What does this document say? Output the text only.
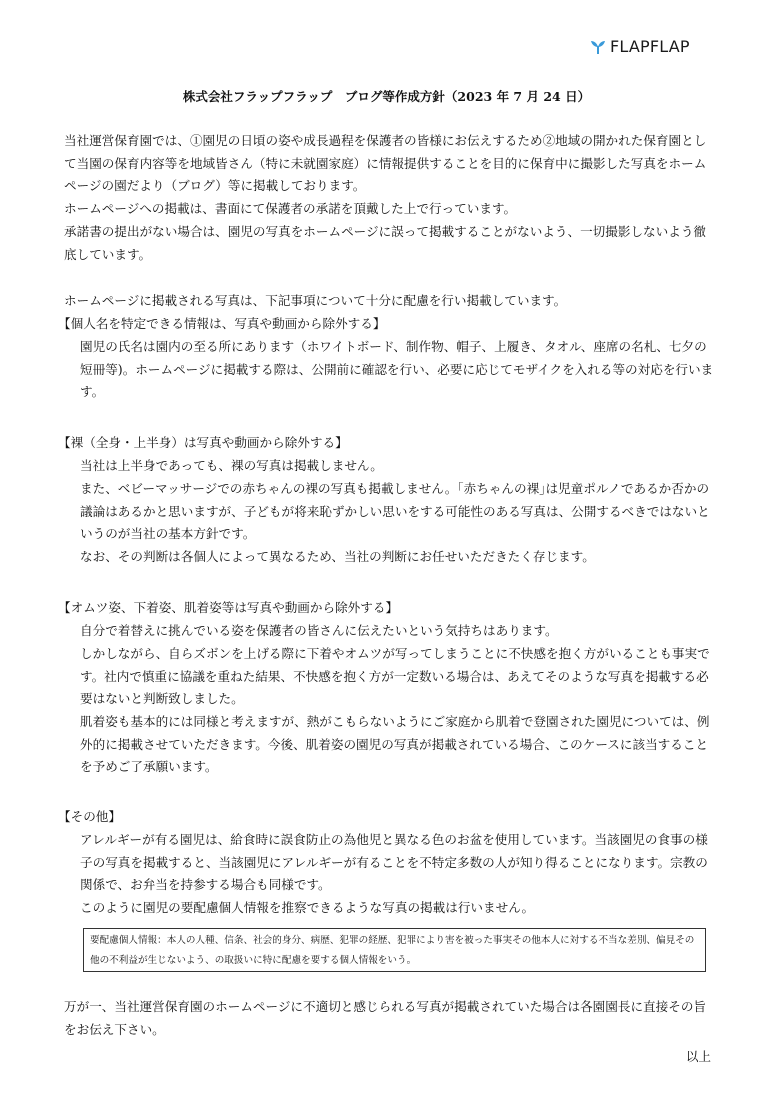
FLAPFLAP
株式会社フラップフラップ　ブログ等作成方針（2023 年 7 月 24 日）

当社運営保育園では、①園児の日頃の姿や成長過程を保護者の皆様にお伝えするため②地域の開かれた保育園として当園の保育内容等を地域皆さん（特に未就園家庭）に情報提供することを目的に保育中に撮影した写真をホームページの園だより（ブログ）等に掲載しております。

ホームページへの掲載は、書面にて保護者の承諾を頂戴した上で行っています。

承諾書の提出がない場合は、園児の写真をホームページに誤って掲載することがないよう、一切撮影しないよう徹底しています。

ホームページに掲載される写真は、下記事項について十分に配慮を行い掲載しています。

【個人名を特定できる情報は、写真や動画から除外する】

園児の氏名は園内の至る所にあります（ホワイトボード、制作物、帽子、上履き、タオル、座席の名札、七夕の短冊等)。ホームページに掲載する際は、公開前に確認を行い、必要に応じてモザイクを入れる等の対応を行います。

【裸（全身・上半身）は写真や動画から除外する】

当社は上半身であっても、裸の写真は掲載しません。

また、ベビーマッサージでの赤ちゃんの裸の写真も掲載しません。｢赤ちゃんの裸｣は児童ポルノであるか否かの議論はあるかと思いますが、子どもが将来恥ずかしい思いをする可能性のある写真は、公開するべきではないというのが当社の基本方針です。

なお、その判断は各個人によって異なるため、当社の判断にお任せいただきたく存じます。

【オムツ姿、下着姿、肌着姿等は写真や動画から除外する】

自分で着替えに挑んでいる姿を保護者の皆さんに伝えたいという気持ちはあります。

しかしながら、自らズボンを上げる際に下着やオムツが写ってしまうことに不快感を抱く方がいることも事実です。社内で慎重に協議を重ねた結果、不快感を抱く方が一定数いる場合は、あえてそのような写真を掲載する必要はないと判断致しました。

肌着姿も基本的には同様と考えますが、熱がこもらないようにご家庭から肌着で登園された園児については、例外的に掲載させていただきます。今後、肌着姿の園児の写真が掲載されている場合、このケースに該当することを予めご了承願います。

【その他】

アレルギーが有る園児は、給食時に誤食防止の為他児と異なる色のお盆を使用しています。当該園児の食事の様子の写真を掲載すると、当該園児にアレルギーが有ることを不特定多数の人が知り得ることになります。宗教の関係で、お弁当を持参する場合も同様です。

このように園児の要配慮個人情報を推察できるような写真の掲載は行いません。

要配慮個人情報：本人の人種、信条、社会的身分、病歴、犯罪の経歴、犯罪により害を被った事実その他本人に対する不当な差別、偏見その他の不利益が生じないよう、の取扱いに特に配慮を要する個人情報をいう。

万が一、当社運営保育園のホームページに不適切と感じられる写真が掲載されていた場合は各園園長に直接その旨をお伝え下さい。

以上
